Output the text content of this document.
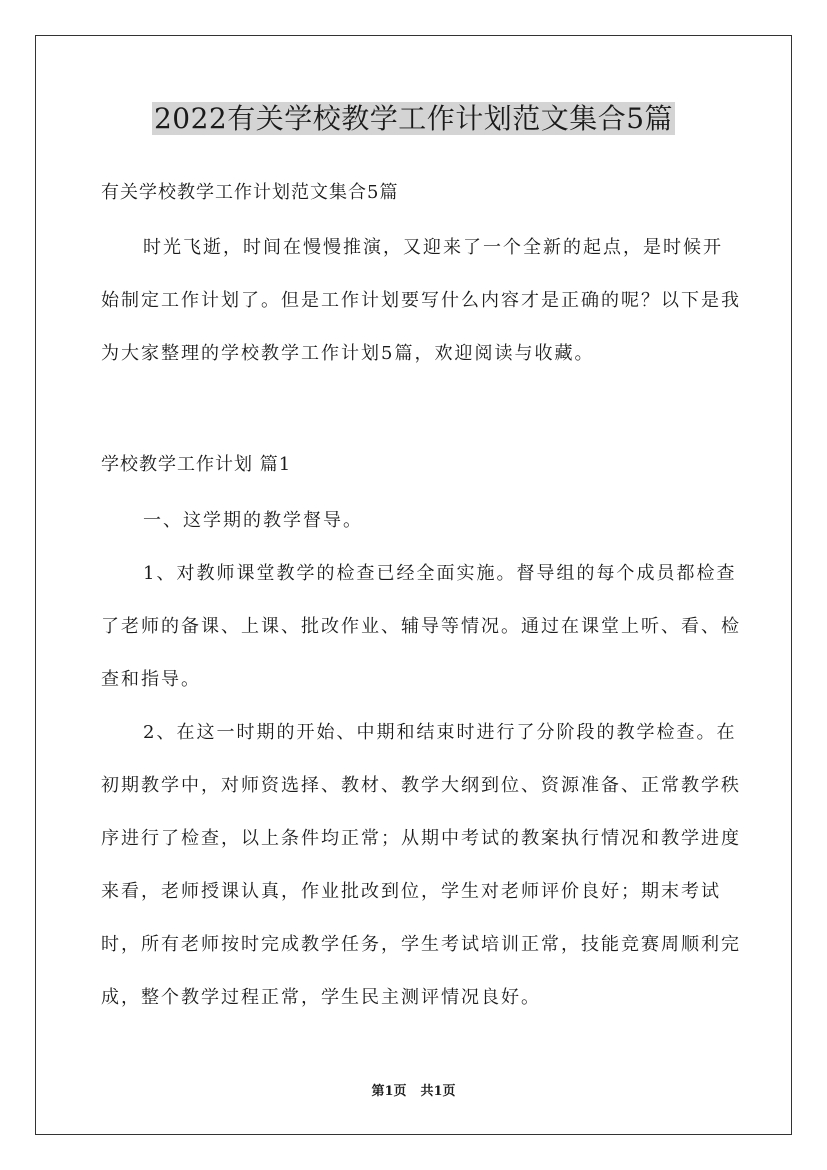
2022有关学校教学工作计划范文集合5篇
有关学校教学工作计划范文集合5篇

时光飞逝，时间在慢慢推演，又迎来了一个全新的起点，是时候开始制定工作计划了。但是工作计划要写什么内容才是正确的呢？以下是我为大家整理的学校教学工作计划5篇，欢迎阅读与收藏。

学校教学工作计划 篇1

一、这学期的教学督导。

1、对教师课堂教学的检查已经全面实施。督导组的每个成员都检查了老师的备课、上课、批改作业、辅导等情况。通过在课堂上听、看、检查和指导。

2、在这一时期的开始、中期和结束时进行了分阶段的教学检查。在初期教学中，对师资选择、教材、教学大纲到位、资源准备、正常教学秩序进行了检查，以上条件均正常；从期中考试的教案执行情况和教学进度来看，老师授课认真，作业批改到位，学生对老师评价良好；期末考试时，所有老师按时完成教学任务，学生考试培训正常，技能竞赛周顺利完成，整个教学过程正常，学生民主测评情况良好。

第1页 共1页
